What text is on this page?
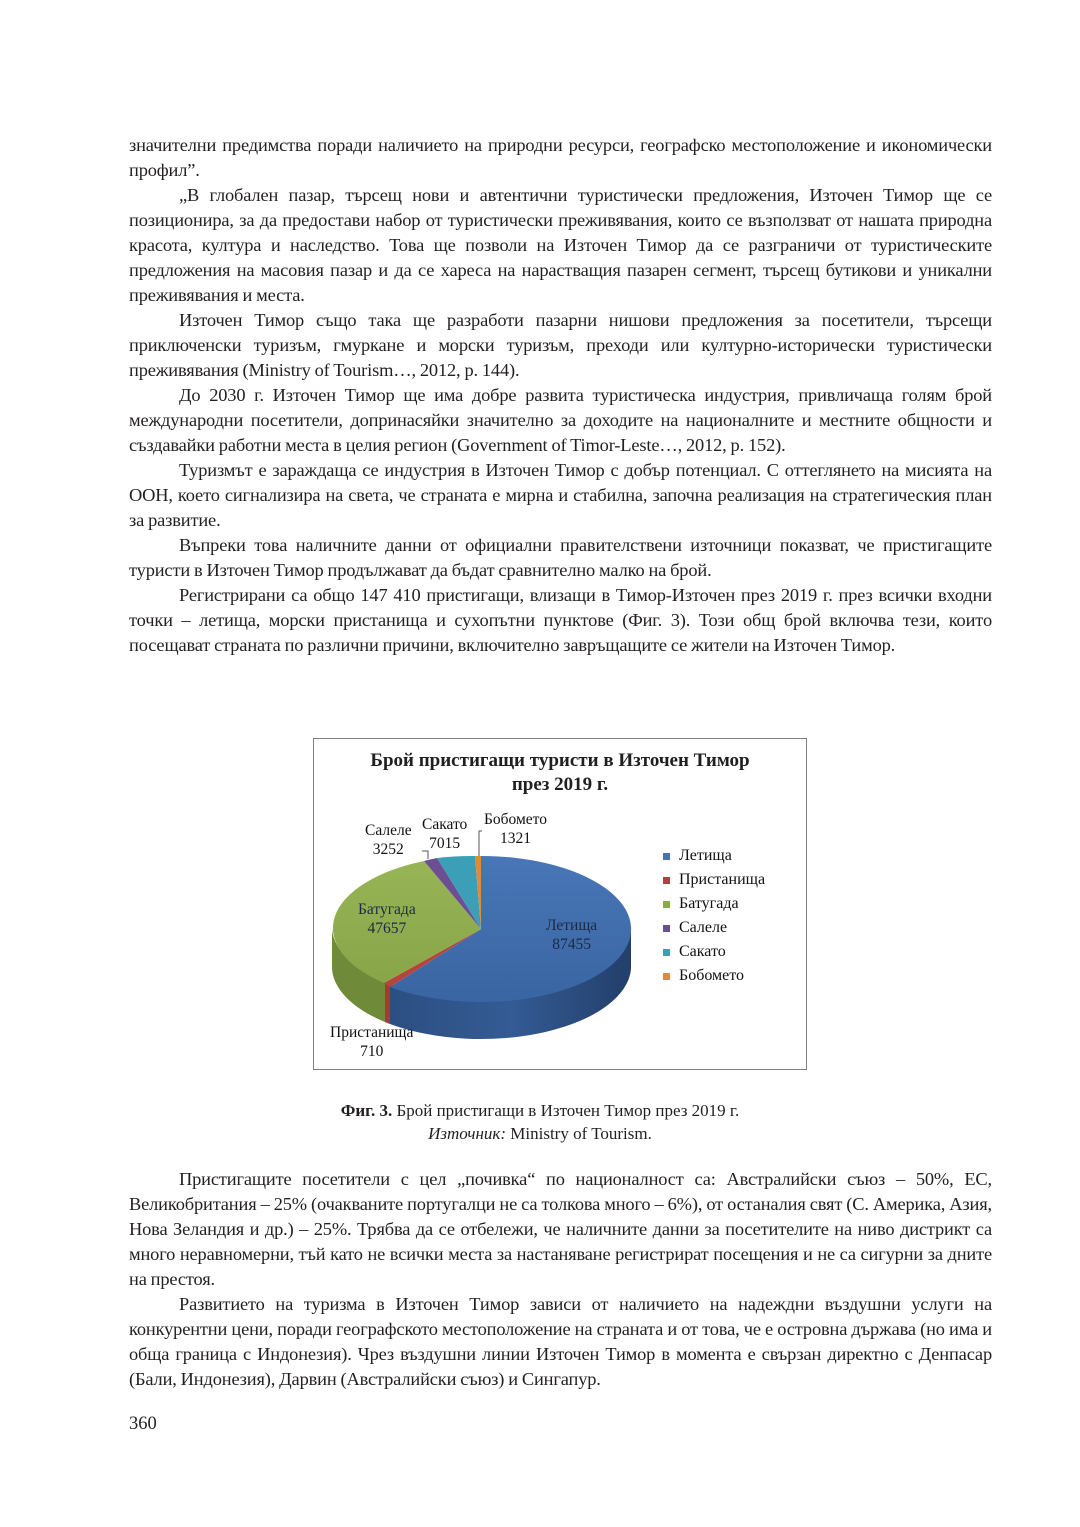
значителни предимства поради наличието на природни ресурси, географско местоположение и икономически профил”.

„В глобален пазар, търсещ нови и автентични туристически предложения, Източен Тимор ще се позиционира, за да предостави набор от туристически преживявания, които се възползват от нашата природна красота, култура и наследство. Това ще позволи на Източен Тимор да се разграничи от туристическите предложения на масовия пазар и да се хареса на нарастващия пазарен сегмент, търсещ бутикови и уникални преживявания и места.

Източен Тимор също така ще разработи пазарни нишови предложения за посетители, търсещи приключенски туризъм, гмуркане и морски туризъм, преходи или културно-исторически туристически преживявания (Ministry of Tourism…, 2012, p. 144).

До 2030 г. Източен Тимор ще има добре развита туристическа индустрия, привличаща голям брой международни посетители, допринасяйки значително за доходите на националните и местните общности и създавайки работни места в целия регион (Government of Timor-Leste…, 2012, p. 152).

Туризмът е зараждаща се индустрия в Източен Тимор с добър потенциал. С оттеглянето на мисията на ООН, което сигнализира на света, че страната е мирна и стабилна, започна реализация на стратегическия план за развитие.

Въпреки това наличните данни от официални правителствени източници показват, че пристигащите туристи в Източен Тимор продължават да бъдат сравнително малко на брой.

Регистрирани са общо 147 410 пристигащи, влизащи в Тимор-Източен през 2019 г. през всички входни точки – летища, морски пристанища и сухопътни пунктове (Фиг. 3). Този общ брой включва тези, които посещават страната по различни причини, включително завръщащите се жители на Източен Тимор.

Брой пристигащи туристи в Източен Тимор
през 2019 г.
Салеле
3252
Сакато
7015
Бобомето
1321
Батугада
47657	Летища
87455
Пристанища
710
Летища
Пристанища
Батугада
Салеле
Сакато
Бобомето
Фиг. 3. Брой пристигащи в Източен Тимор през 2019 г.
Източник: Ministry of Tourism.

Пристигащите посетители с цел „почивка“ по националност са: Австралийски съюз – 50%, ЕС, Великобритания – 25% (очакваните португалци не са толкова много – 6%), от останалия свят (С. Америка, Азия, Нова Зеландия и др.) – 25%. Трябва да се отбележи, че наличните данни за посетителите на ниво дистрикт са много неравномерни, тъй като не всички места за настаняване регистрират посещения и не са сигурни за дните на престоя.

Развитието на туризма в Източен Тимор зависи от наличието на надеждни въздушни услуги на конкурентни цени, поради географското местоположение на страната и от това, че е островна държава (но има и обща граница с Индонезия). Чрез въздушни линии Източен Тимор в момента е свързан директно с Денпасар (Бали, Индонезия), Дарвин (Австралийски съюз) и Сингапур.

360
